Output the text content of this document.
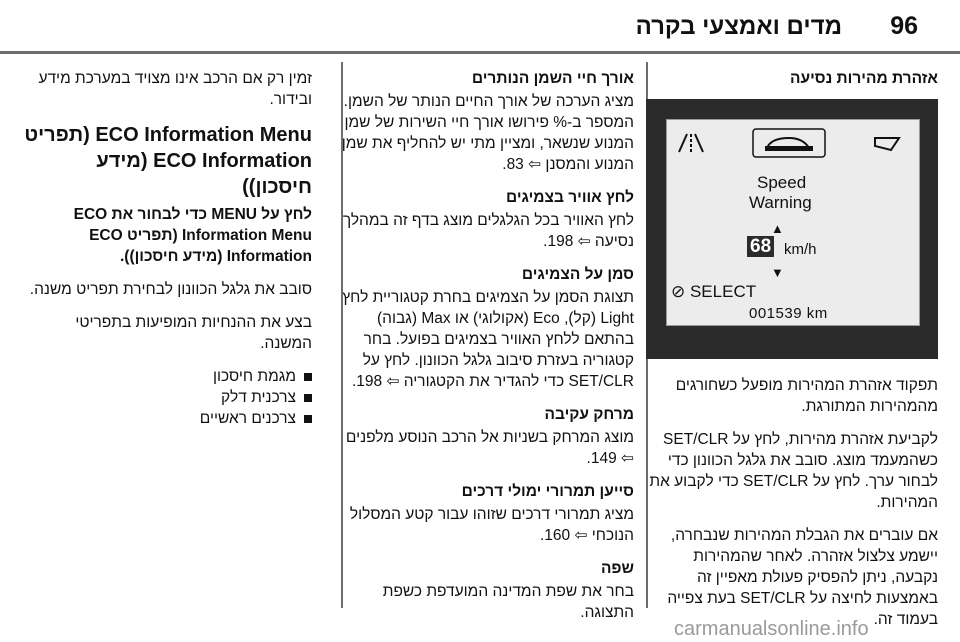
96
מדים ואמצעי בקרה
אזהרת מהירות נסיעה
Speed
Warning
▲
68 km/h
▼
⊘ SELECT
001539 km

תפקוד אזהרת המהירות מופעל כשחורגים מהמהירות המתורגת.

לקביעת אזהרת מהירות, לחץ על SET/CLR כשהמעמד מוצג. סובב את גלגל הכוונון כדי לבחור ערך. לחץ על SET/CLR כדי לקבוע את המהירות.

אם עוברים את הגבלת המהירות שנבחרה, יישמע צלצול אזהרה. לאחר שהמהירות נקבעה, ניתן להפסיק פעולת מאפיין זה באמצעות לחיצה על SET/CLR בעת צפייה בעמוד זה.

אורך חיי השמן הנותרים

מציג הערכה של אורך החיים הנותר של השמן. המספר ב-% פירושו אורך חיי השירות של שמן המנוע שנשאר, ומציין מתי יש להחליף את שמן המנוע והמסנן ⇦ 83.

לחץ אוויר בצמיגים

לחץ האוויר בכל הגלגלים מוצג בדף זה במהלך נסיעה ⇦ 198.

סמן על הצמיגים

תצוגת הסמן על הצמיגים בחרת קטגוריית לחץ Light (קל), Eco (אקולוגי) או Max (גבוה) בהתאם ללחץ האוויר בצמיגים בפועל. בחר קטגוריה בעזרת סיבוב גלגל הכוונון. לחץ על SET/CLR כדי להגדיר את הקטגוריה ⇦ 198.

מרחק עקיבה

מוצג המרחק בשניות אל הרכב הנוסע מלפנים ⇦ 149.

סייען תמרורי ימולי דרכים

מציג תמרורי דרכים שזוהו עבור קטע המסלול הנוכחי ⇦ 160.

שפה

בחר את שפת המדינה המועדפת כשפת התצוגה.

זמין רק אם הרכב אינו מצויד במערכת מידע ובידור.

ECO Information Menu (תפריט ECO Information (מידע חיסכון))

לחץ על MENU כדי לבחור את ECO Information Menu (תפריט ECO Information (מידע חיסכון)).

סובב את גלגל הכוונון לבחירת תפריט משנה.

בצע את ההנחיות המופיעות בתפריטי המשנה.

מגמת חיסכון
צרכנית דלק
צרכנים ראשיים
carmanualsonline.info
